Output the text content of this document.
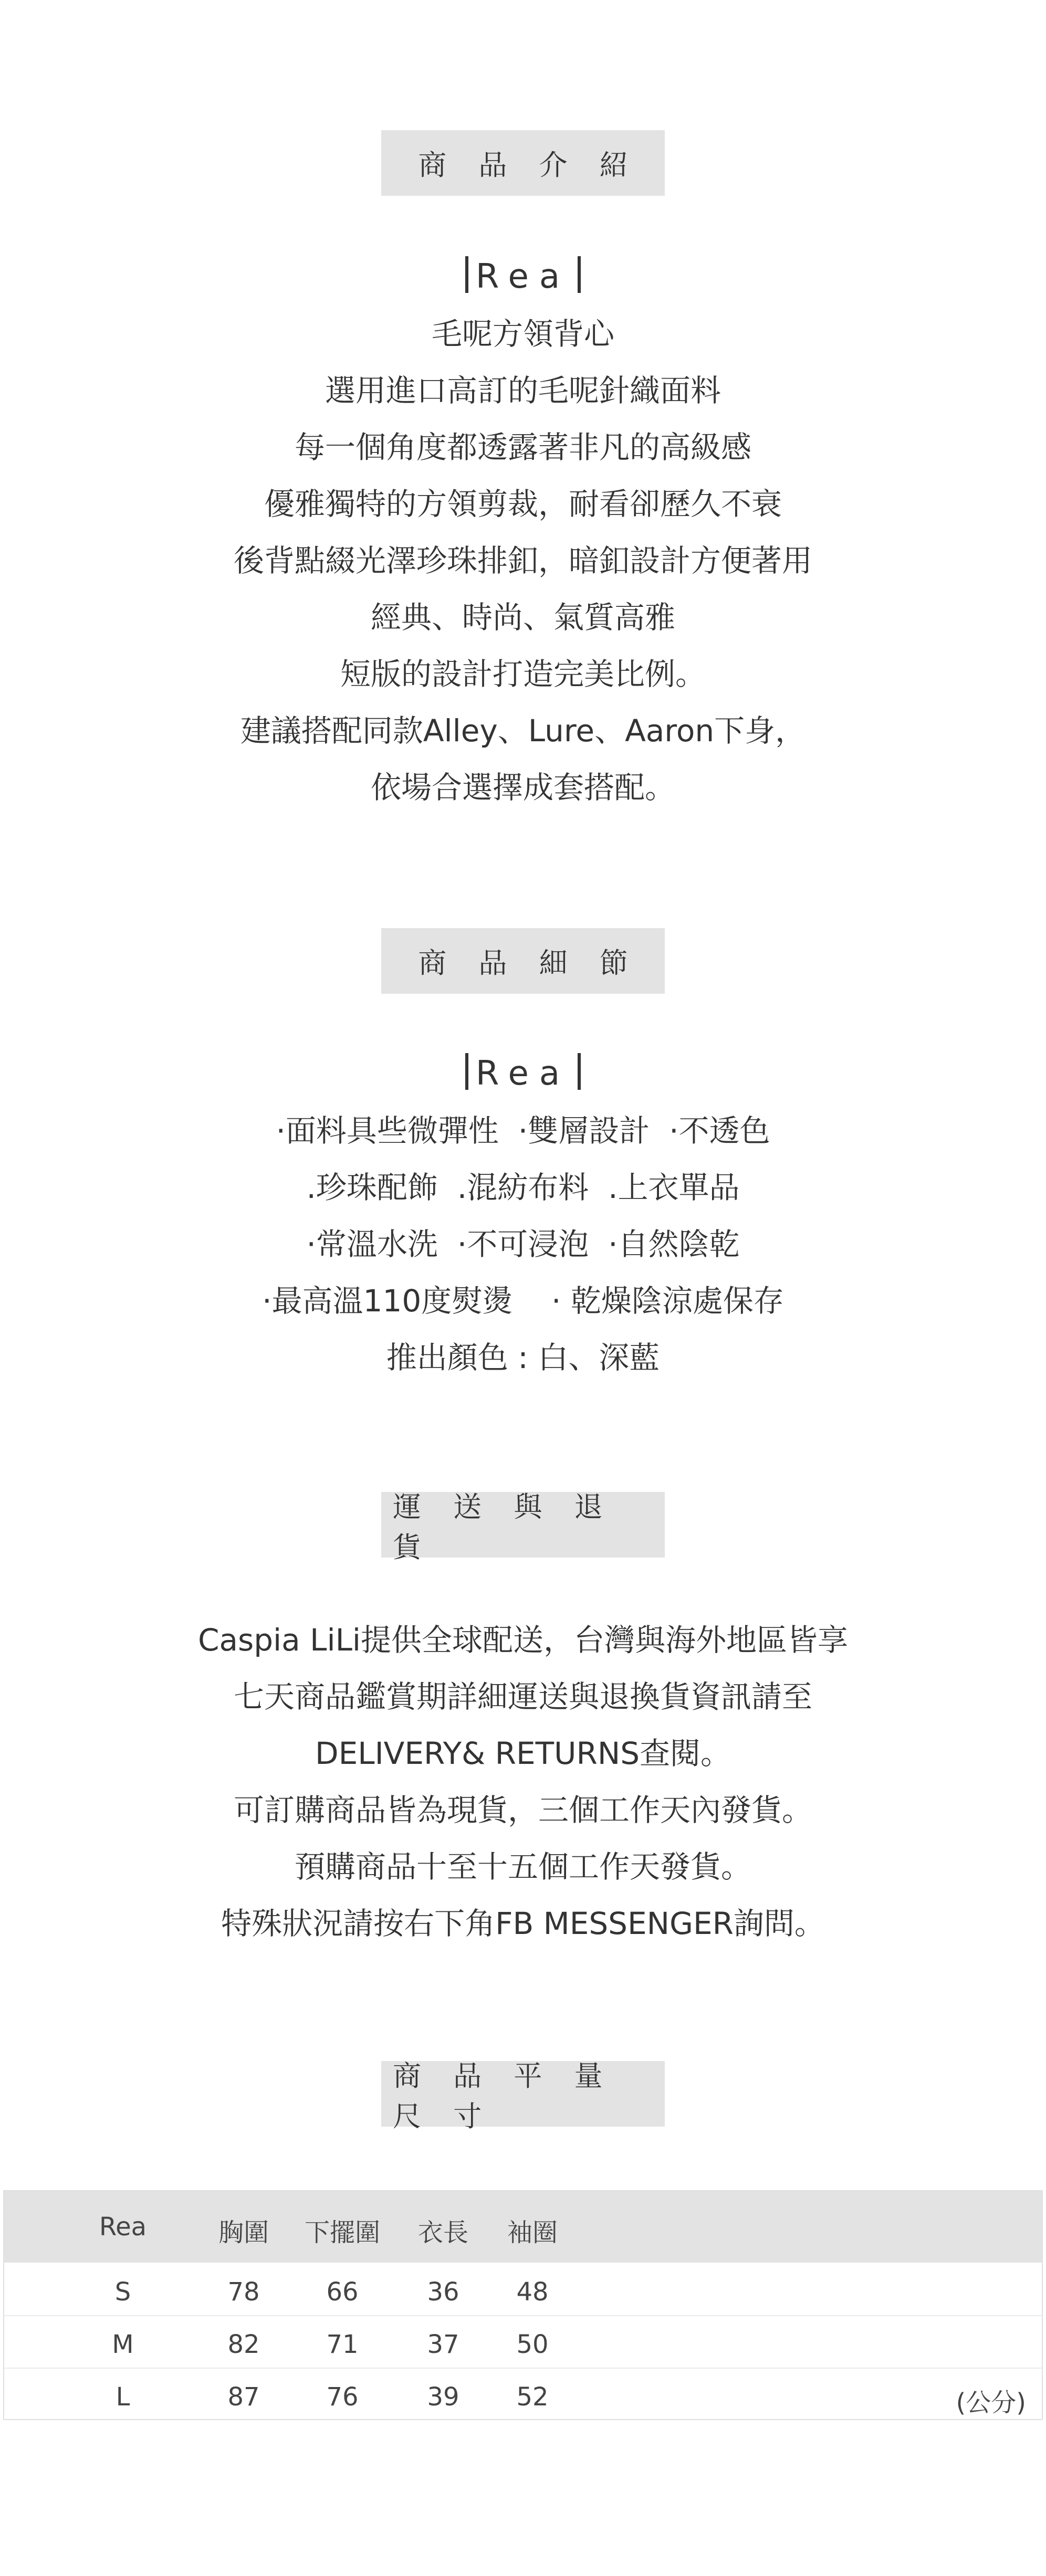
商 品 介 紹
Rea
毛呢方領背心
選用進口高訂的毛呢針織面料
每一個角度都透露著非凡的高級感
優雅獨特的方領剪裁，耐看卻歷久不衰
後背點綴光澤珍珠排釦，暗釦設計方便著用
經典、時尚、氣質高雅
短版的設計打造完美比例。
建議搭配同款Alley、Lure、Aaron下身，
依場合選擇成套搭配。
商 品 細 節
Rea
·面料具些微彈性  ·雙層設計  ·不透色
.珍珠配飾  .混紡布料  .上衣單品
·常溫水洗  ·不可浸泡  ·自然陰乾
·最高溫110度熨燙    · 乾燥陰涼處保存
推出顏色 : 白、深藍
運 送 與 退 貨
Caspia LiLi提供全球配送，台灣與海外地區皆享
七天商品鑑賞期詳細運送與退換貨資訊請至
DELIVERY& RETURNS查閱。
可訂購商品皆為現貨，三個工作天內發貨。
預購商品十至十五個工作天發貨。
特殊狀況請按右下角FB MESSENGER詢問。
商 品 平 量 尺 寸
Rea	胸圍 下擺圍 衣長 袖圈
S	78	66	36 48
M	82	71	37 50
L	87	76	39 52	(公分)
